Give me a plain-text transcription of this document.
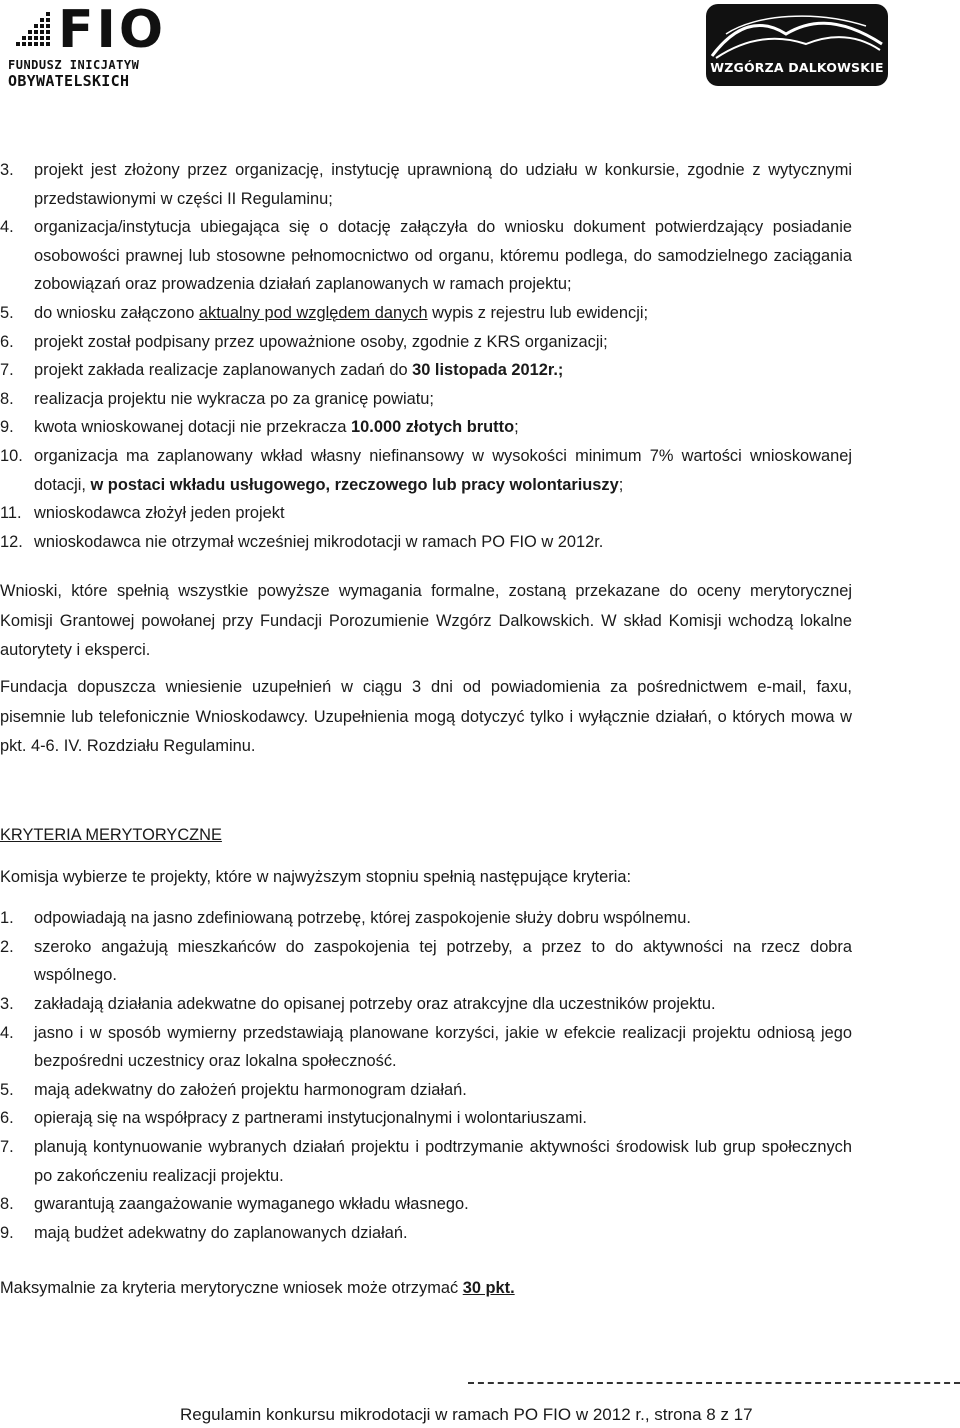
FIO
FUNDUSZ INICJATYW
OBYWATELSKICH
WZGÓRZA DALKOWSKIE
3. projekt jest złożony przez organizację, instytucję uprawnioną do udziału w konkursie, zgodnie z wytycznymi przedstawionymi w części II Regulaminu;
4. organizacja/instytucja ubiegająca się o dotację załączyła do wniosku dokument potwierdzający posiadanie osobowości prawnej lub stosowne pełnomocnictwo od organu, któremu podlega, do samodzielnego zaciągania zobowiązań oraz prowadzenia działań zaplanowanych w ramach projektu;
5. do wniosku załączono aktualny pod względem danych wypis z rejestru lub ewidencji;
6. projekt został podpisany przez upoważnione osoby, zgodnie z KRS organizacji;
7. projekt zakłada realizacje zaplanowanych zadań do 30 listopada 2012r.;
8. realizacja projektu nie wykracza po za granicę powiatu;
9. kwota wnioskowanej dotacji nie przekracza 10.000 złotych brutto;
10. organizacja ma zaplanowany wkład własny niefinansowy w wysokości minimum 7% wartości wnioskowanej dotacji, w postaci wkładu usługowego, rzeczowego lub pracy wolontariuszy;
11. wnioskodawca złożył jeden projekt
12. wnioskodawca nie otrzymał wcześniej mikrodotacji w ramach PO FIO w 2012r.
Wnioski, które spełnią wszystkie powyższe wymagania formalne, zostaną przekazane do oceny merytorycznej Komisji Grantowej powołanej przy Fundacji Porozumienie Wzgórz Dalkowskich. W skład Komisji wchodzą lokalne autorytety i eksperci.
Fundacja dopuszcza wniesienie uzupełnień w ciągu 3 dni od powiadomienia za pośrednictwem e-mail, faxu, pisemnie lub telefonicznie Wnioskodawcy. Uzupełnienia mogą dotyczyć tylko i wyłącznie działań, o których mowa w pkt. 4-6. IV. Rozdziału Regulaminu.
KRYTERIA MERYTORYCZNE
Komisja wybierze te projekty, które w najwyższym stopniu spełnią następujące kryteria:
1. odpowiadają na jasno zdefiniowaną potrzebę, której zaspokojenie służy dobru wspólnemu.
2. szeroko angażują mieszkańców do zaspokojenia tej potrzeby, a przez to do aktywności na rzecz dobra wspólnego.
3. zakładają działania adekwatne do opisanej potrzeby oraz atrakcyjne dla uczestników projektu.
4. jasno i w sposób wymierny przedstawiają planowane korzyści, jakie w efekcie realizacji projektu odniosą jego bezpośredni uczestnicy oraz lokalna społeczność.
5. mają adekwatny do założeń projektu harmonogram działań.
6. opierają się na współpracy z partnerami instytucjonalnymi i wolontariuszami.
7. planują kontynuowanie wybranych działań projektu i podtrzymanie aktywności środowisk lub grup społecznych po zakończeniu realizacji projektu.
8. gwarantują zaangażowanie wymaganego wkładu własnego.
9. mają budżet adekwatny do zaplanowanych działań.
Maksymalnie za kryteria merytoryczne wniosek może otrzymać 30 pkt.
Regulamin konkursu mikrodotacji w ramach PO FIO w 2012 r., strona 8 z 17
